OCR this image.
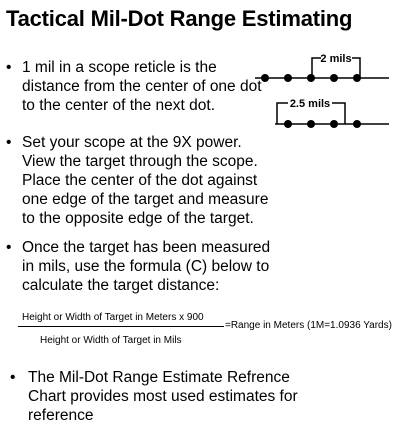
Tactical Mil-Dot Range Estimating
• 1 mil in a scope reticle is the
distance from the center of one dot
to the center of the next dot.
2 mils
2.5 mils
• Set your scope at the 9X power.
View the target through the scope.
Place the center of the dot against
one edge of the target and measure
to the opposite edge of the target.
• Once the target has been measured
in mils, use the formula (C) below to
calculate the target distance:
Height or Width of Target in Meters x 900
Height or Width of Target in Mils
=Range in Meters (1M=1.0936 Yards)
• The Mil-Dot Range Estimate Refrence
Chart provides most used estimates for
reference
